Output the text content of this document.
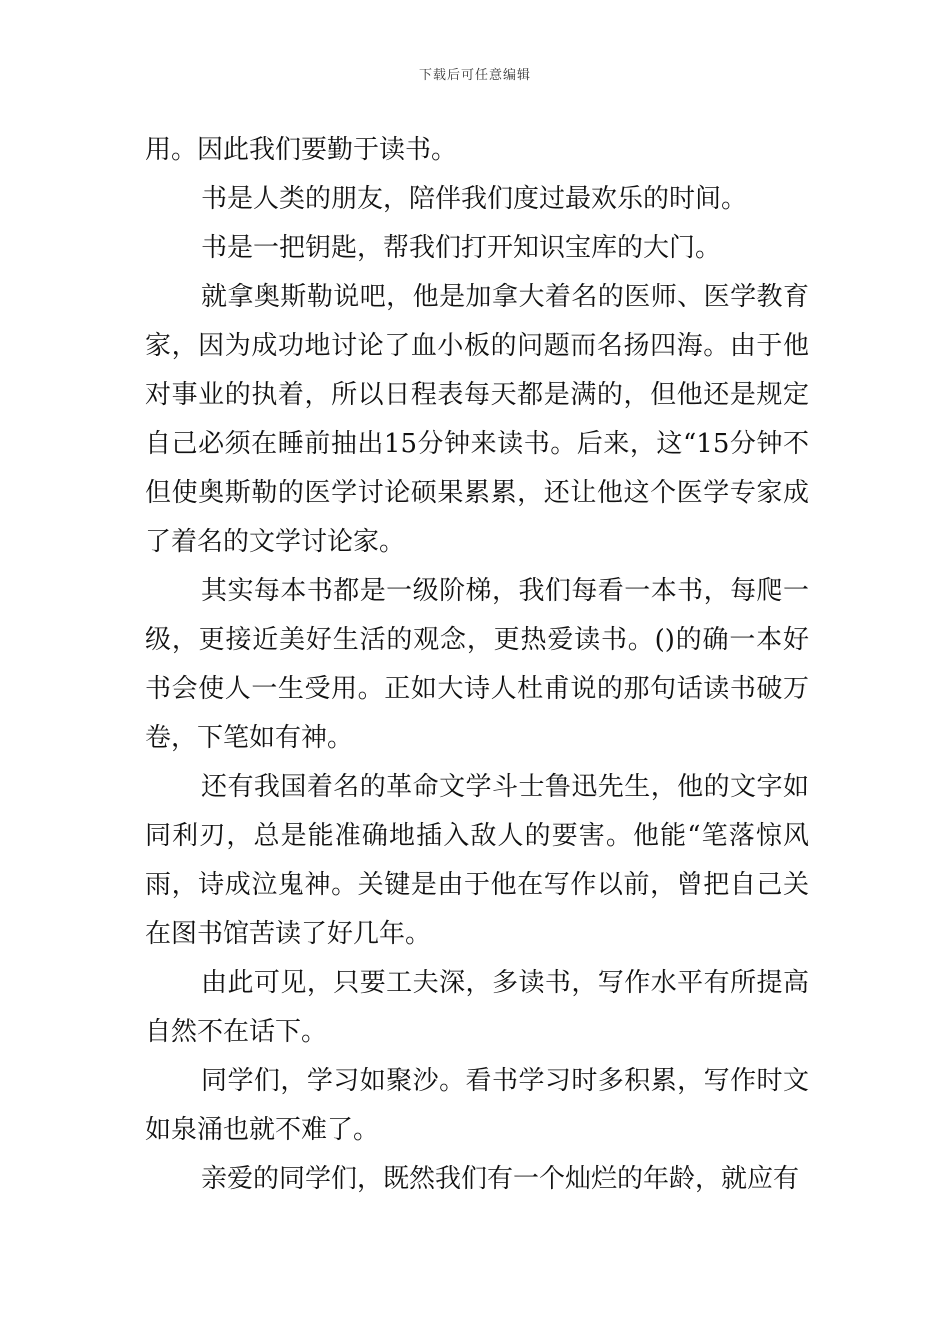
下载后可任意编辑

用。因此我们要勤于读书。

书是人类的朋友，陪伴我们度过最欢乐的时间。

书是一把钥匙，帮我们打开知识宝库的大门。

就拿奥斯勒说吧，他是加拿大着名的医师、医学教育家，因为成功地讨论了血小板的问题而名扬四海。由于他对事业的执着，所以日程表每天都是满的，但他还是规定自己必须在睡前抽出15分钟来读书。后来，这“15分钟不但使奥斯勒的医学讨论硕果累累，还让他这个医学专家成了着名的文学讨论家。

其实每本书都是一级阶梯，我们每看一本书，每爬一级，更接近美好生活的观念，更热爱读书。()的确一本好书会使人一生受用。正如大诗人杜甫说的那句话读书破万卷，下笔如有神。

还有我国着名的革命文学斗士鲁迅先生，他的文字如同利刃，总是能准确地插入敌人的要害。他能“笔落惊风雨，诗成泣鬼神。关键是由于他在写作以前，曾把自己关在图书馆苦读了好几年。

由此可见，只要工夫深，多读书，写作水平有所提高自然不在话下。

同学们，学习如聚沙。看书学习时多积累，写作时文如泉涌也就不难了。

亲爱的同学们，既然我们有一个灿烂的年龄，就应有
